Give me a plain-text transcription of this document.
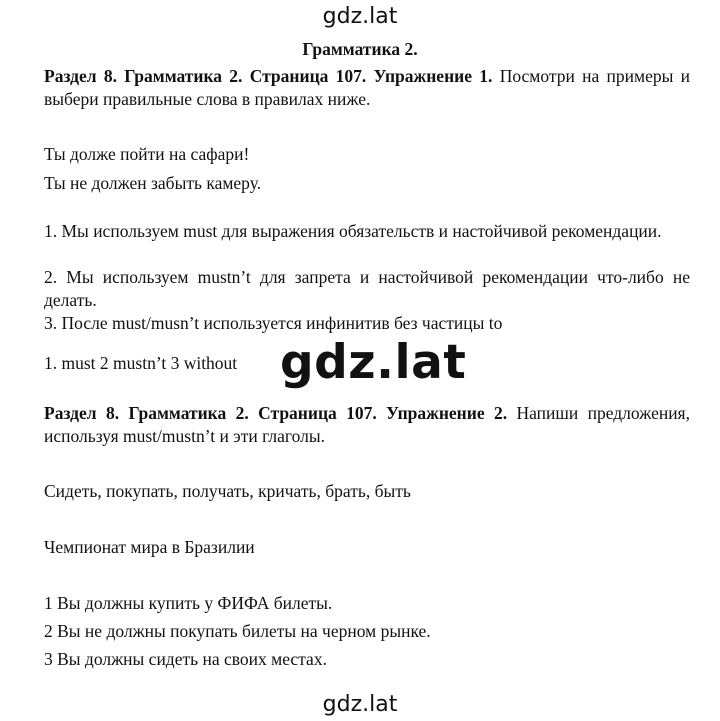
gdz.lat
Грамматика 2.
Раздел 8. Грамматика 2. Страница 107. Упражнение 1. Посмотри на примеры и выбери правильные слова в правилах ниже.
Ты долже пойти на сафари!
Ты не должен забыть камеру.
1. Мы используем must для выражения обязательств и настойчивой рекомендации.
2. Мы используем mustn’t для запрета и настойчивой рекомендации что-либо не делать.
3. После must/musn’t используется инфинитив без частицы to
1. must 2 mustn’t 3 without gdz.lat
Раздел 8. Грамматика 2. Страница 107. Упражнение 2. Напиши предложения, используя must/mustn’t и эти глаголы.
Сидеть, покупать, получать, кричать, брать, быть
Чемпионат мира в Бразилии
1 Вы должны купить у ФИФА билеты.
2 Вы не должны покупать билеты на черном рынке.
3 Вы должны сидеть на своих местах.
gdz.lat
